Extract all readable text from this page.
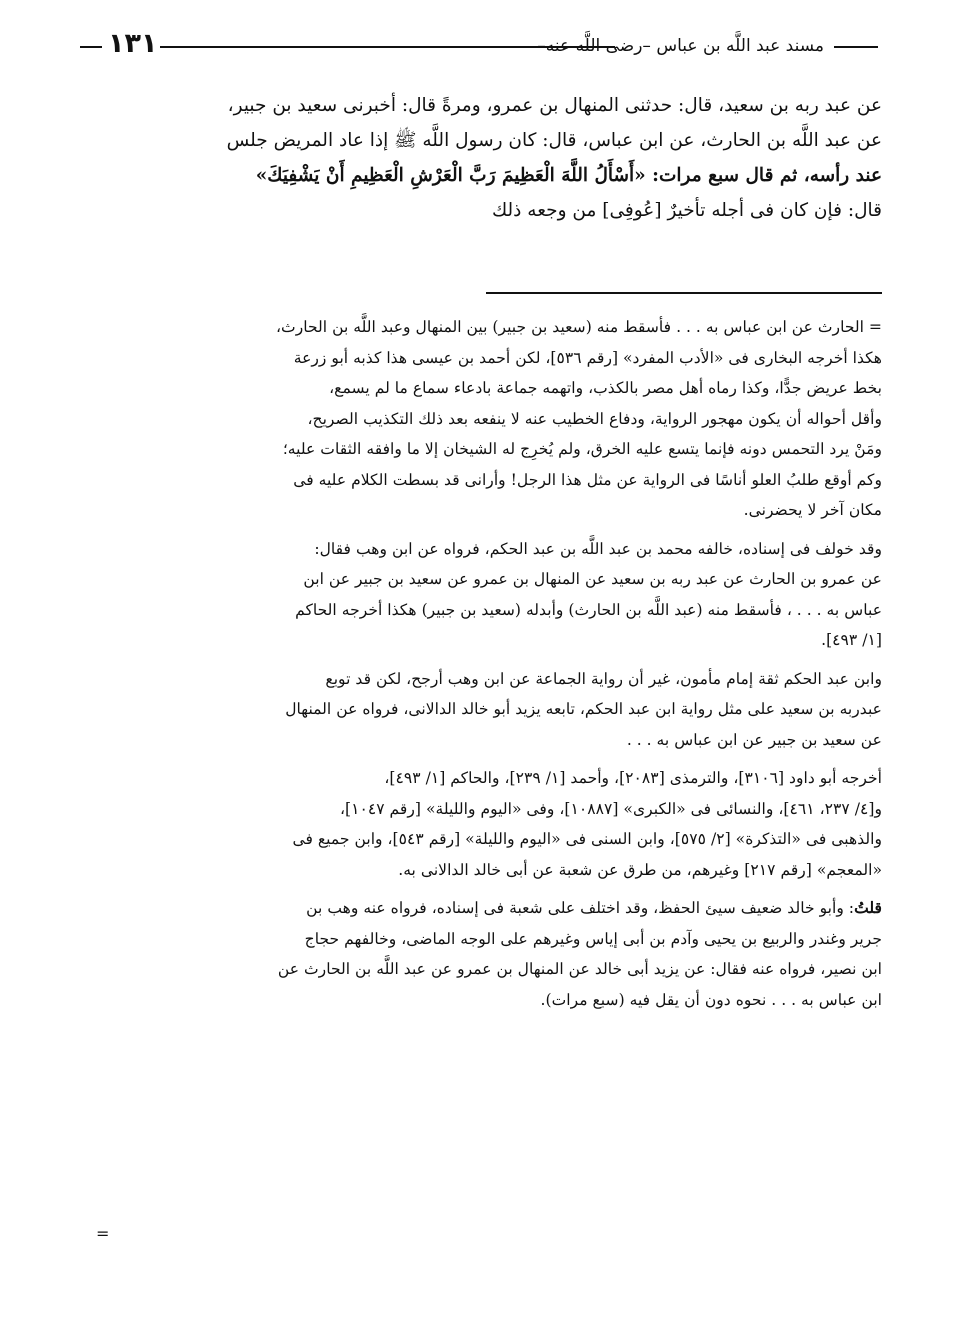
مسند عبد اللَّه بن عباس –رضى اللَّه عنه–
١٣١
عن عبد ربه بن سعيد، قال: حدثنى المنهال بن عمرو، ومرةً قال: أخبرنى سعيد بن جبير،
عن عبد اللَّه بن الحارث، عن ابن عباس، قال: كان رسول اللَّه ﷺ إذا عاد المريض جلس
عند رأسه، ثم قال سبع مرات: «أَسْأَلُ اللَّهَ الْعَظِيمَ رَبَّ الْعَرْشِ الْعَظِيمِ أَنْ يَشْفِيَكَ»
قال: فإن كان فى أجله تأخيرٌ [عُوفِى] من وجعه ذلك
= الحارث عن ابن عباس به . . . فأسقط منه (سعيد بن جبير) بين المنهال وعبد اللَّه بن الحارث،
هكذا أخرجه البخارى فى «الأدب المفرد» [رقم ٥٣٦]، لكن أحمد بن عيسى هذا كذبه أبو زرعة
بخط عريض جدًّا، وكذا رماه أهل مصر بالكذب، واتهمه جماعة بادعاء سماع ما لم يسمع،
وأقل أحواله أن يكون مهجور الرواية، ودفاع الخطيب عنه لا ينفعه بعد ذلك التكذيب الصريح،
ومَنْ يرد التحمس دونه فإنما يتسع عليه الخرق، ولم يُخرِج له الشيخان إلا ما وافقه الثقات عليه؛
وكم أوقع طلبُ العلو أناسًا فى الرواية عن مثل هذا الرجل! وأرانى قد بسطت الكلام عليه فى
مكان آخر لا يحضرنى.
وقد خولف فى إسناده، خالفه محمد بن عبد اللَّه بن عبد الحكم، فرواه عن ابن وهب فقال:
عن عمرو بن الحارث عن عبد ربه بن سعيد عن المنهال بن عمرو عن سعيد بن جبير عن ابن
عباس به . . . ، فأسقط منه (عبد اللَّه بن الحارث) وأبدله (سعيد بن جبير) هكذا أخرجه الحاكم
[١/ ٤٩٣].
وابن عبد الحكم ثقة إمام مأمون، غير أن رواية الجماعة عن ابن وهب أرجح، لكن قد توبع
عبدربه بن سعيد على مثل رواية ابن عبد الحكم، تابعه يزيد أبو خالد الدالانى، فرواه عن المنهال
عن سعيد بن جبير عن ابن عباس به . . .
أخرجه أبو داود [٣١٠٦]، والترمذى [٢٠٨٣]، وأحمد [١/ ٢٣٩]، والحاكم [١/ ٤٩٣]،
و[٤/ ٢٣٧، ٤٦١]، والنسائى فى «الكبرى» [١٠٨٨٧]، وفى «اليوم والليلة» [رقم ١٠٤٧]،
والذهبى فى «التذكرة» [٢/ ٥٧٥]، وابن السنى فى «اليوم والليلة» [رقم ٥٤٣]، وابن جميع فى
«المعجم» [رقم ٢١٧] وغيرهم، من طرق عن شعبة عن أبى خالد الدالانى به.
قلتُ: وأبو خالد ضعيف سيئ الحفظ، وقد اختلف على شعبة فى إسناده، فرواه عنه وهب بن
جرير وغندر والربيع بن يحيى وآدم بن أبى إياس وغيرهم على الوجه الماضى، وخالفهم حجاج
ابن نصير، فرواه عنه فقال: عن يزيد أبى خالد عن المنهال بن عمرو عن عبد اللَّه بن الحارث عن
ابن عباس به . . . نحوه دون أن يقل فيه (سبع مرات).
=
